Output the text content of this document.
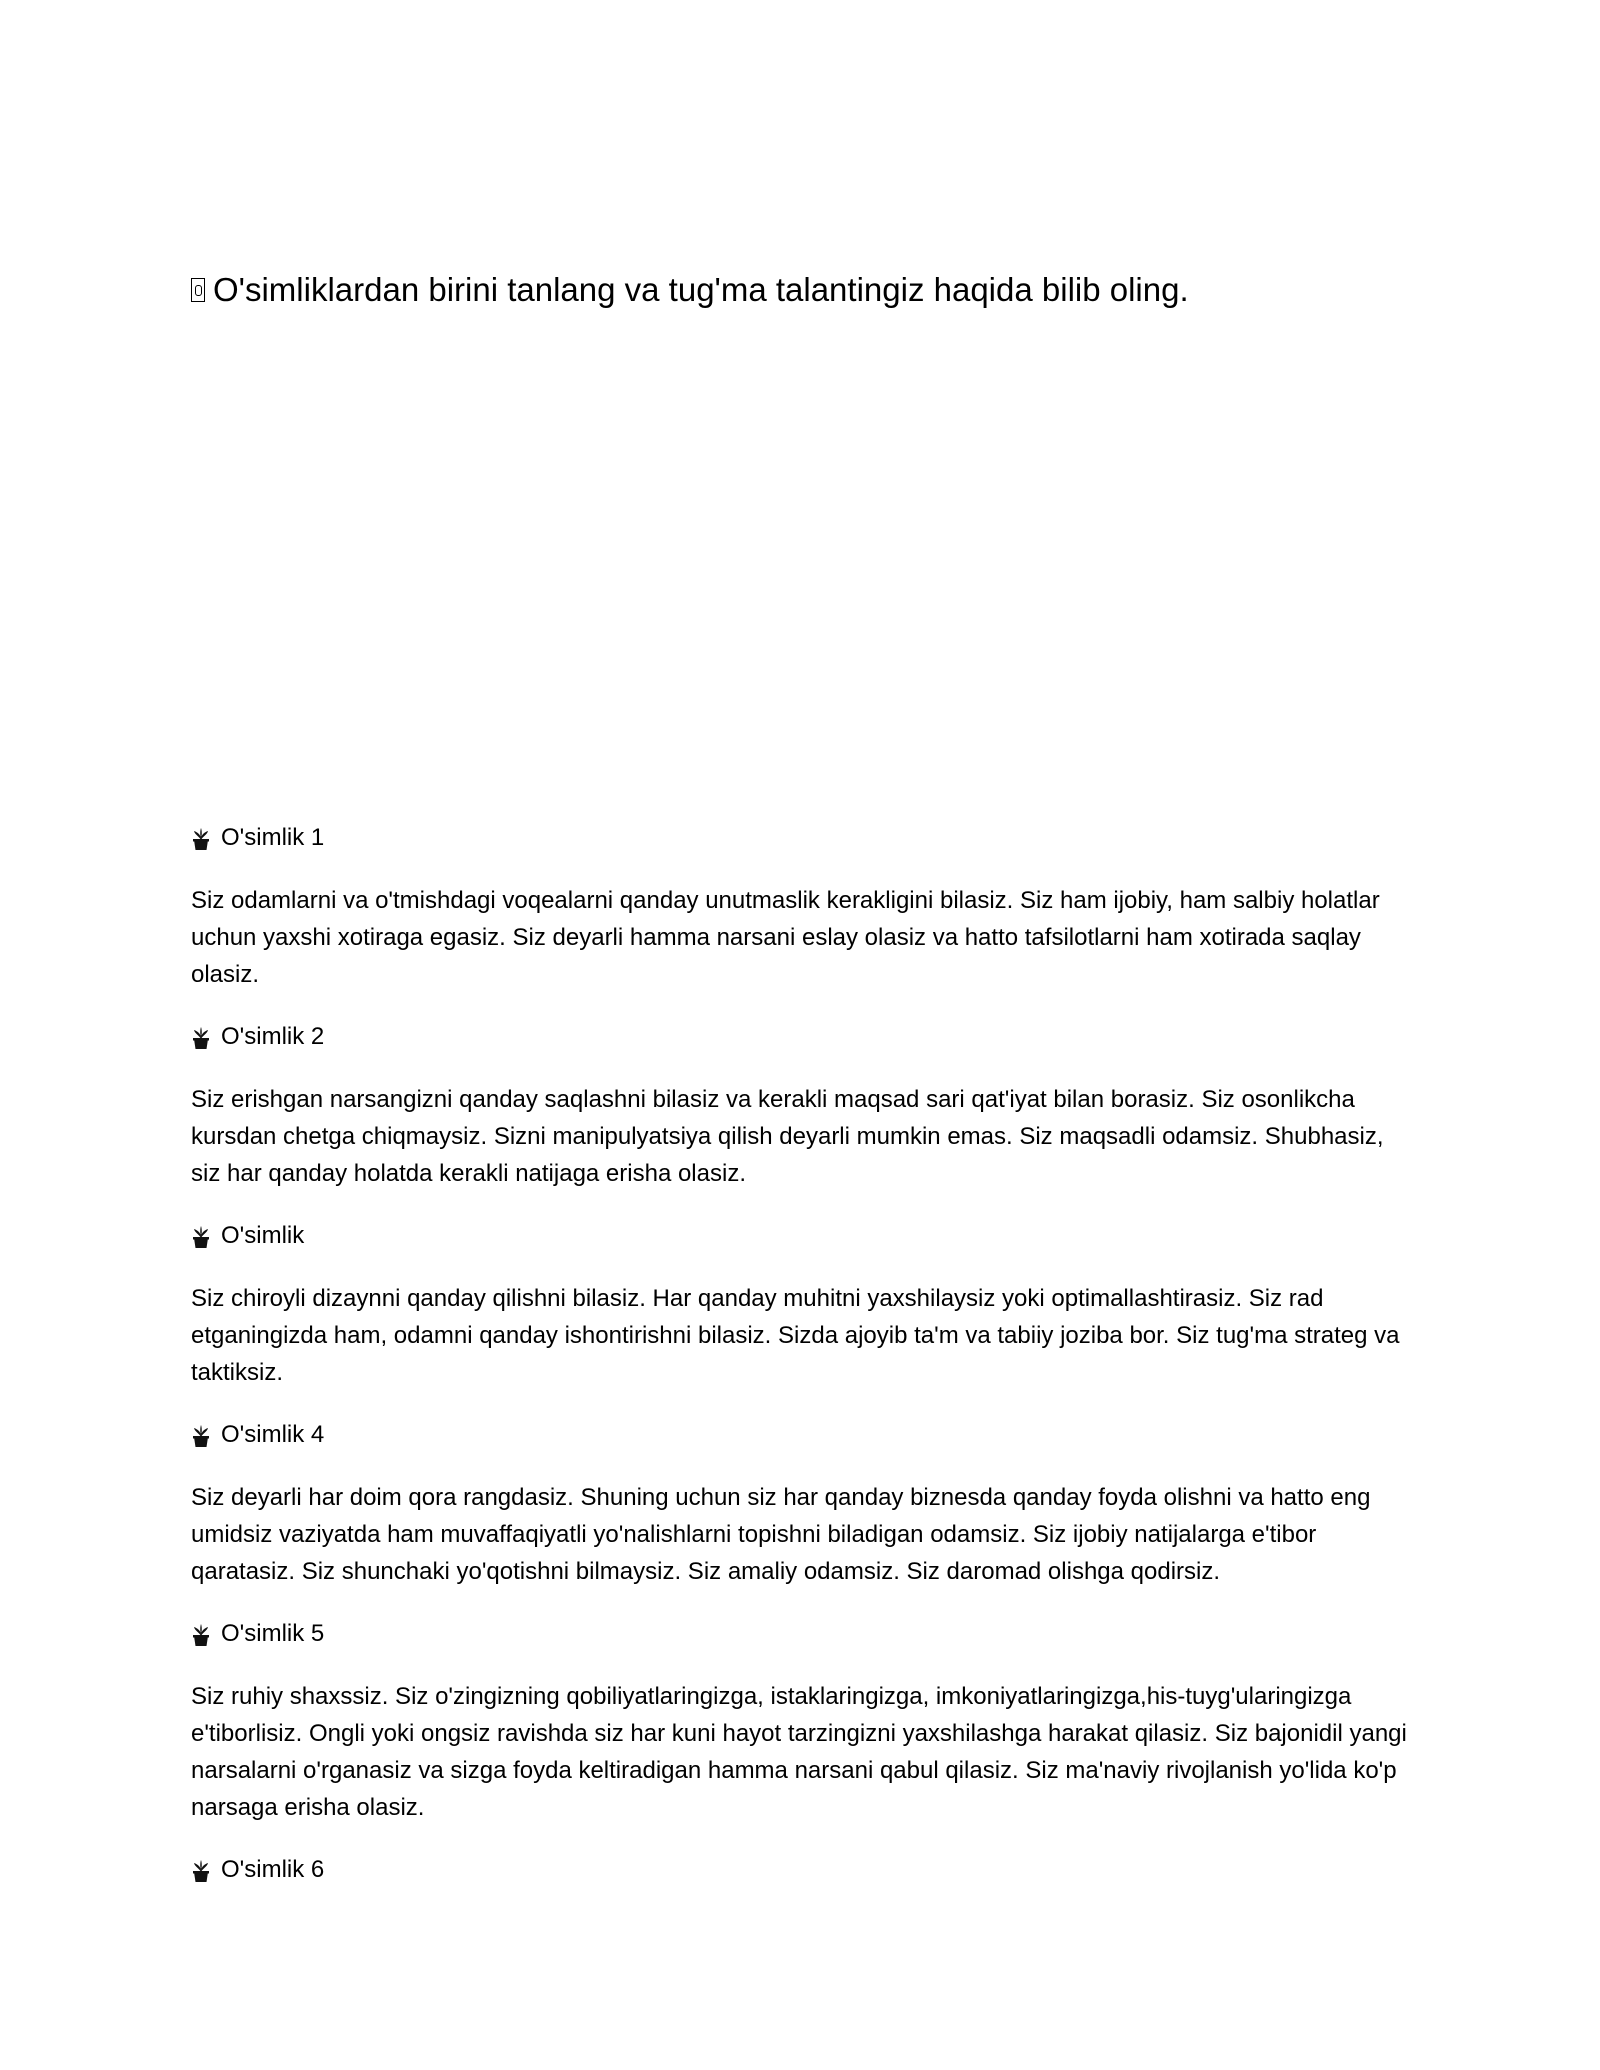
O'simliklardan birini tanlang va tug'ma talantingiz haqida bilib oling.
O'simlik 1
Siz odamlarni va o'tmishdagi voqealarni qanday unutmaslik kerakligini bilasiz. Siz ham ijobiy, ham salbiy holatlar uchun yaxshi xotiraga egasiz. Siz deyarli hamma narsani eslay olasiz va hatto tafsilotlarni ham xotirada saqlay olasiz.
O'simlik 2
Siz erishgan narsangizni qanday saqlashni bilasiz va kerakli maqsad sari qat'iyat bilan borasiz. Siz osonlikcha kursdan chetga chiqmaysiz. Sizni manipulyatsiya qilish deyarli mumkin emas. Siz maqsadli odamsiz. Shubhasiz, siz har qanday holatda kerakli natijaga erisha olasiz.
O'simlik
Siz chiroyli dizaynni qanday qilishni bilasiz. Har qanday muhitni yaxshilaysiz yoki optimallashtirasiz. Siz rad etganingizda ham, odamni qanday ishontirishni bilasiz. Sizda ajoyib ta'm va tabiiy joziba bor. Siz tug'ma strateg va taktiksiz.
O'simlik 4
Siz deyarli har doim qora rangdasiz. Shuning uchun siz har qanday biznesda qanday foyda olishni va hatto eng umidsiz vaziyatda ham muvaffaqiyatli yo'nalishlarni topishni biladigan odamsiz. Siz ijobiy natijalarga e'tibor qaratasiz. Siz shunchaki yo'qotishni bilmaysiz. Siz amaliy odamsiz. Siz daromad olishga qodirsiz.
O'simlik 5
Siz ruhiy shaxssiz. Siz o'zingizning qobiliyatlaringizga, istaklaringizga, imkoniyatlaringizga,his-tuyg'ularingizga e'tiborlisiz. Ongli yoki ongsiz ravishda siz har kuni hayot tarzingizni yaxshilashga harakat qilasiz. Siz bajonidil yangi narsalarni o'rganasiz va sizga foyda keltiradigan hamma narsani qabul qilasiz. Siz ma'naviy rivojlanish yo'lida ko'p narsaga erisha olasiz.
O'simlik 6
